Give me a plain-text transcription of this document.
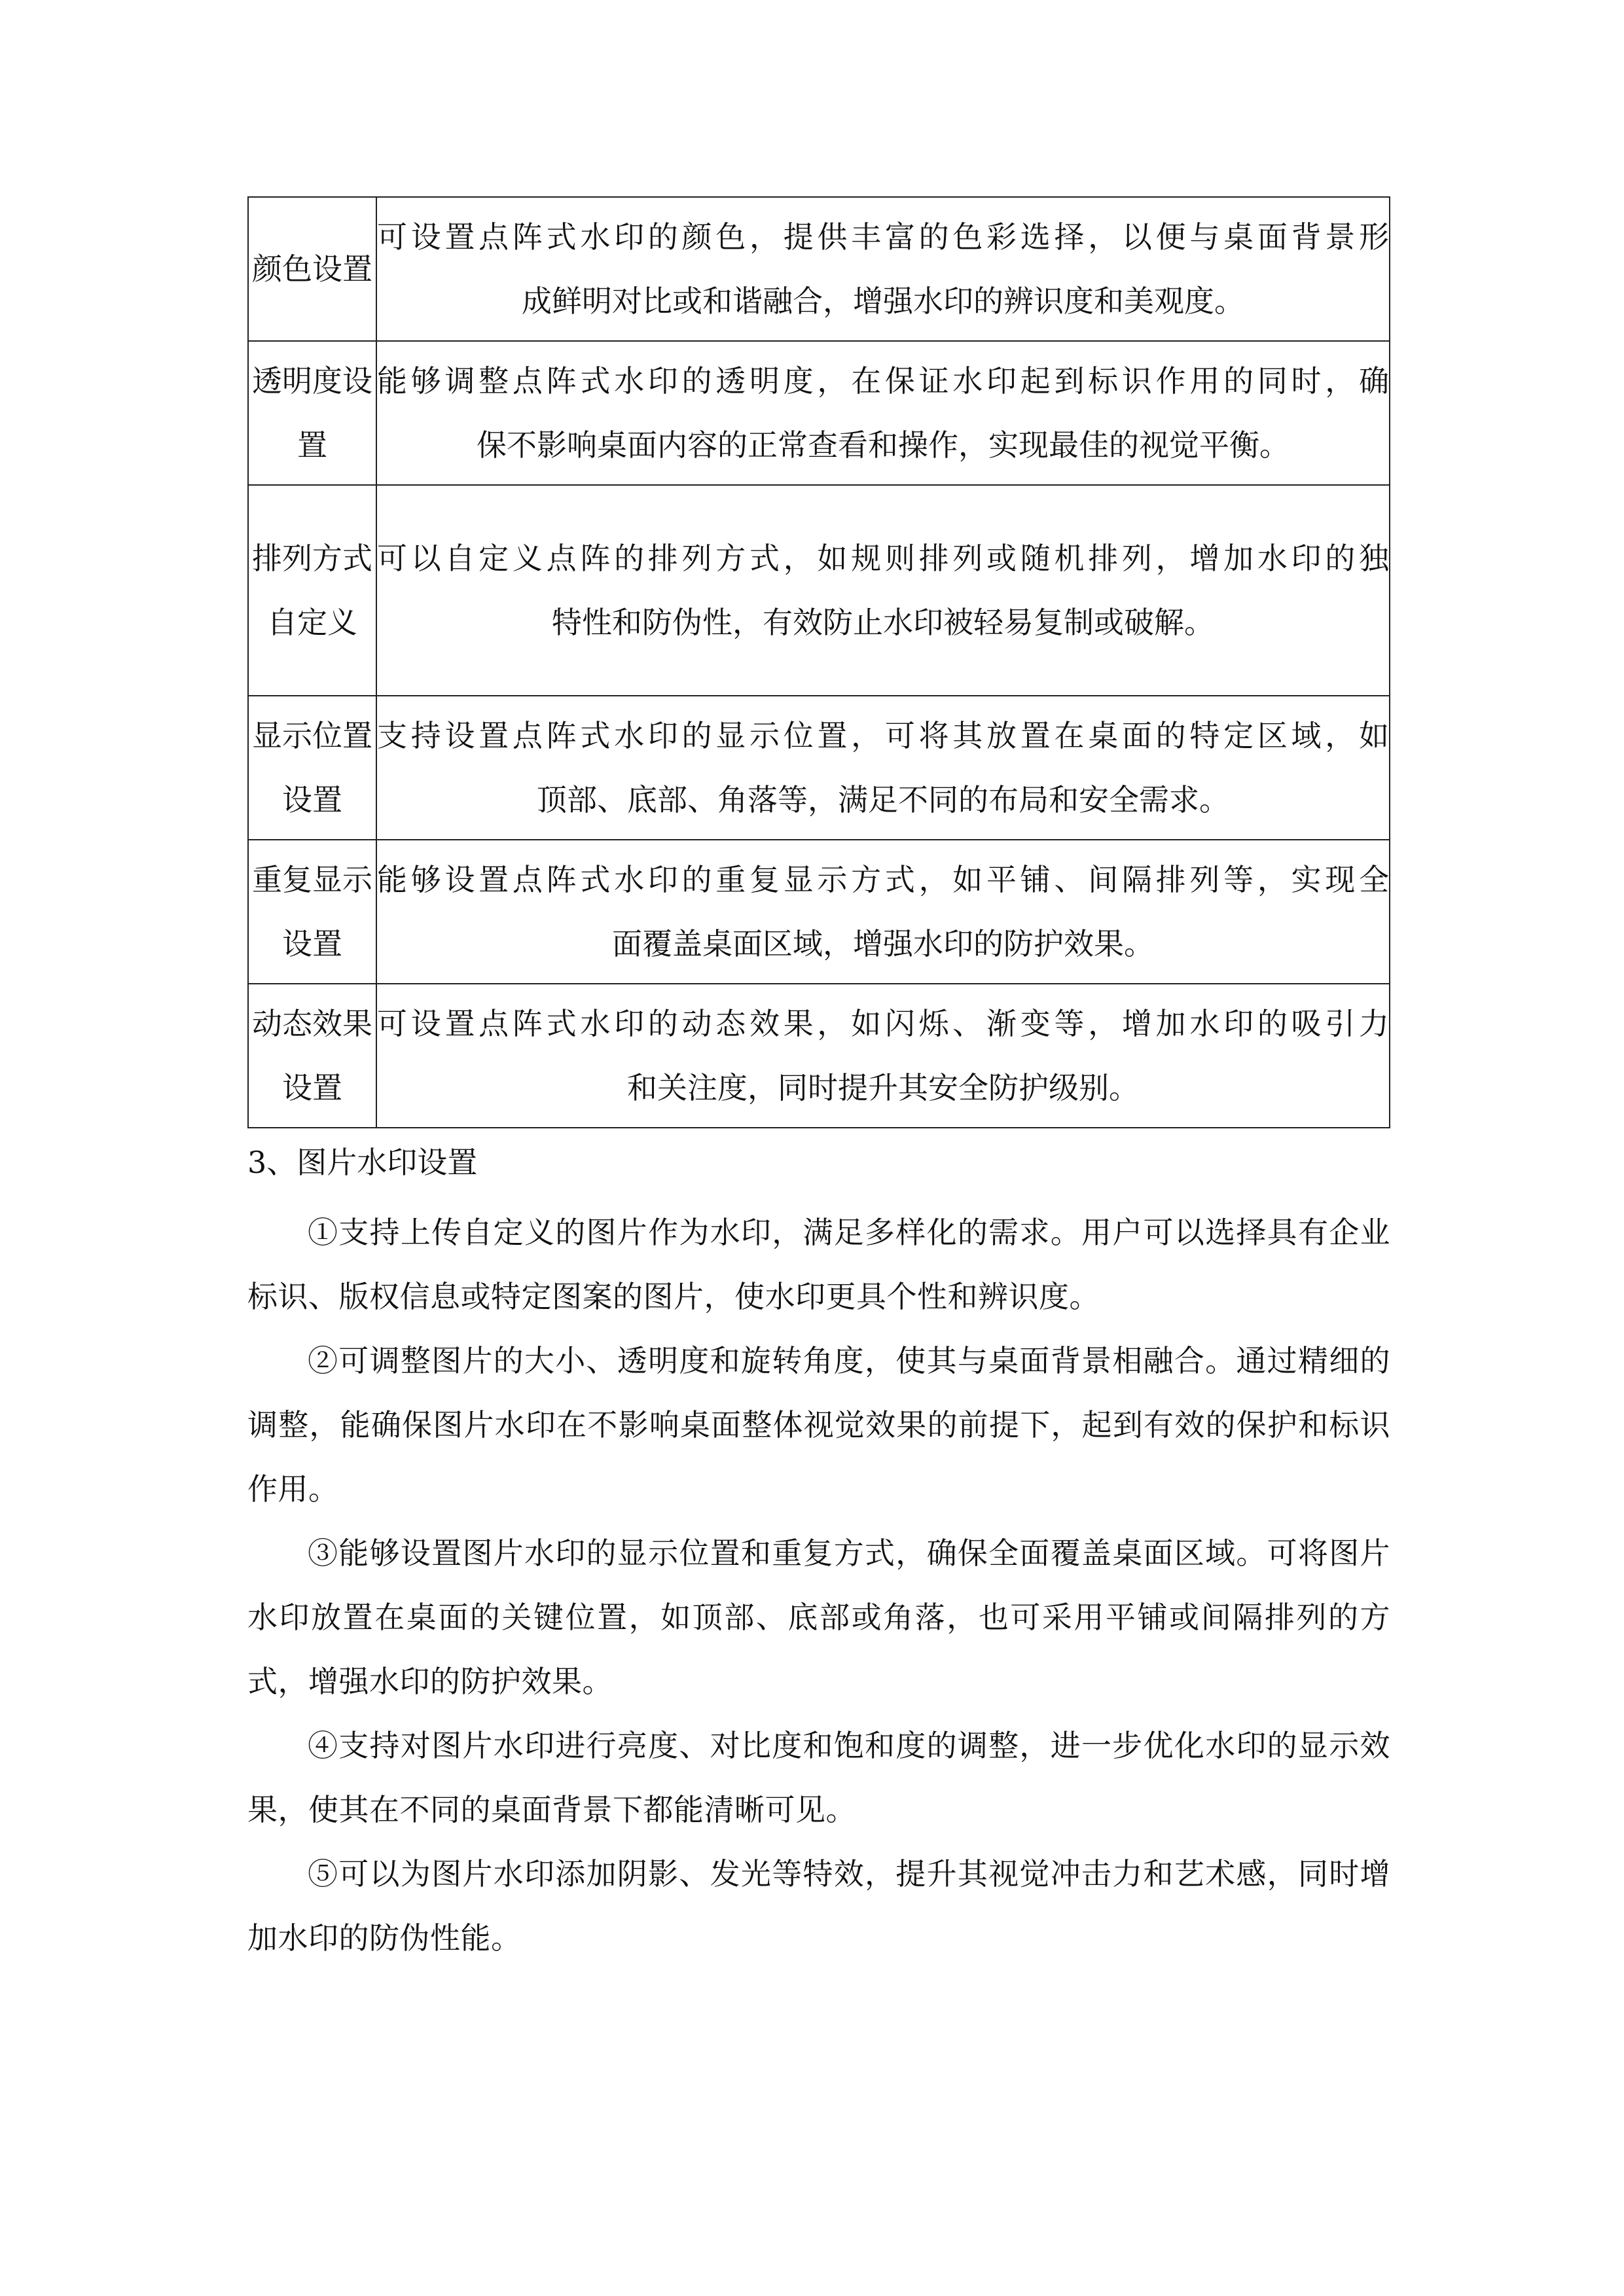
颜色设置	可设置点阵式水印的颜色，提供丰富的色彩选择，以便与桌面背景形
成鲜明对比或和谐融合，增强水印的辨识度和美观度。

透明度设置	能够调整点阵式水印的透明度，在保证水印起到标识作用的同时，确
保不影响桌面内容的正常查看和操作，实现最佳的视觉平衡。

排列方式自定义	可以自定义点阵的排列方式，如规则排列或随机排列，增加水印的独
特性和防伪性，有效防止水印被轻易复制或破解。

显示位置设置	支持设置点阵式水印的显示位置，可将其放置在桌面的特定区域，如
顶部、底部、角落等，满足不同的布局和安全需求。

重复显示设置	能够设置点阵式水印的重复显示方式，如平铺、间隔排列等，实现全
面覆盖桌面区域，增强水印的防护效果。

动态效果设置	可设置点阵式水印的动态效果，如闪烁、渐变等，增加水印的吸引力
和关注度，同时提升其安全防护级别。
3、图片水印设置

①支持上传自定义的图片作为水印，满足多样化的需求。用户可以选择具有企业标识、版权信息或特定图案的图片，使水印更具个性和辨识度。

②可调整图片的大小、透明度和旋转角度，使其与桌面背景相融合。通过精细的调整，能确保图片水印在不影响桌面整体视觉效果的前提下，起到有效的保护和标识作用。

③能够设置图片水印的显示位置和重复方式，确保全面覆盖桌面区域。可将图片水印放置在桌面的关键位置，如顶部、底部或角落，也可采用平铺或间隔排列的方式，增强水印的防护效果。

④支持对图片水印进行亮度、对比度和饱和度的调整，进一步优化水印的显示效果，使其在不同的桌面背景下都能清晰可见。

⑤可以为图片水印添加阴影、发光等特效，提升其视觉冲击力和艺术感，同时增加水印的防伪性能。
